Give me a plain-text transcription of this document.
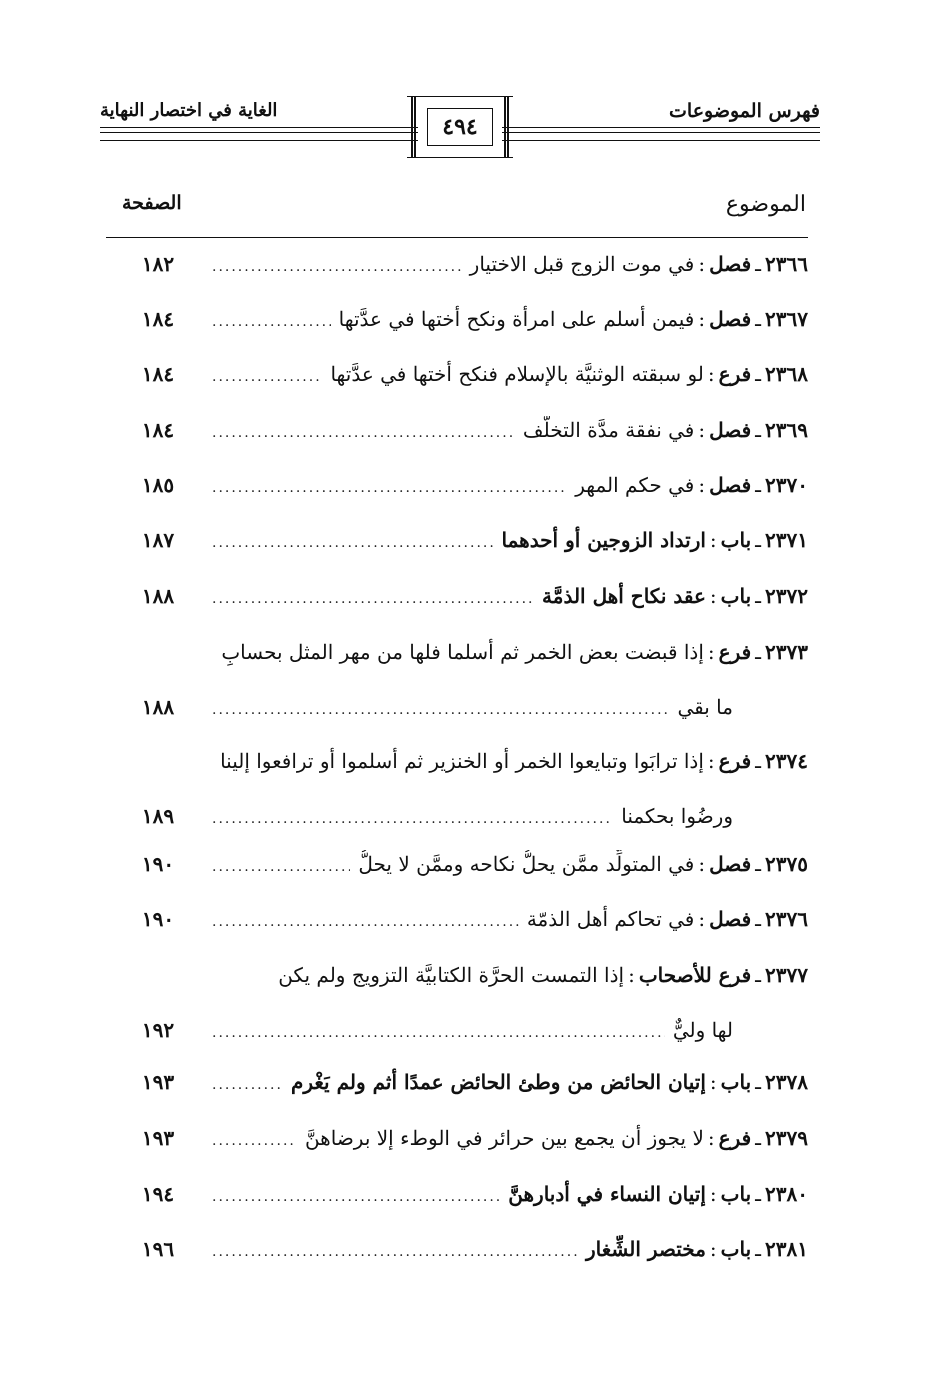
فهرس الموضوعات
الغاية في اختصار النهاية
٤٩٤
الموضوع
الصفحة
٢٣٦٦
ـ
فصل
:
في موت الزوج قبل الاختيار
.....
١٨٢
٢٣٦٧
ـ
فصل
:
فيمن أسلم على امرأة ونكح أختها في عدَّتها
.....
١٨٤
٢٣٦٨
ـ
فرع
:
لو سبقته الوثنيَّة بالإسلام فنكح أختها في عدَّتها
.....
١٨٤
٢٣٦٩
ـ
فصل
:
في نفقة مدَّة التخلُّف
.....
١٨٤
٢٣٧٠
ـ
فصل
:
في حكم المهر
.....
١٨٥
٢٣٧١
ـ
باب
:
ارتداد الزوجين أو أحدهما
.....
١٨٧
٢٣٧٢
ـ
باب
:
عقد نكاح أهل الذمَّة
.....
١٨٨
٢٣٧٣
ـ
فرع
:
إذا قبضت بعض الخمر ثم أسلما فلها من مهر المثل بحسابِ
ما بقي
.....
١٨٨
٢٣٧٤
ـ
فرع
:
إذا ترابَوا وتبايعوا الخمر أو الخنزير ثم أسلموا أو ترافعوا إلينا
ورضُوا بحكمنا
.....
١٨٩
٢٣٧٥
ـ
فصل
:
في المتولِّد ممَّن يحلُّ نكاحه وممَّن لا يحلُّ
.....
١٩٠
٢٣٧٦
ـ
فصل
:
في تحاكم أهل الذمّة
.....
١٩٠
٢٣٧٧
ـ
فرع للأصحاب
:
إذا التمست الحرَّة الكتابيَّة التزويج ولم يكن
لها وليٌّ
.....
١٩٢
٢٣٧٨
ـ
باب
:
إتيان الحائض من وطئ الحائض عمدًا أثم ولم يَغْرم
.....
١٩٣
٢٣٧٩
ـ
فرع
:
لا يجوز أن يجمع بين حرائر في الوطء إلا برضاهنَّ
.....
١٩٣
٢٣٨٠
ـ
باب
:
إتيان النساء في أدبارهنَّ
.....
١٩٤
٢٣٨١
ـ
باب
:
مختصر الشِّغار
.....
١٩٦
